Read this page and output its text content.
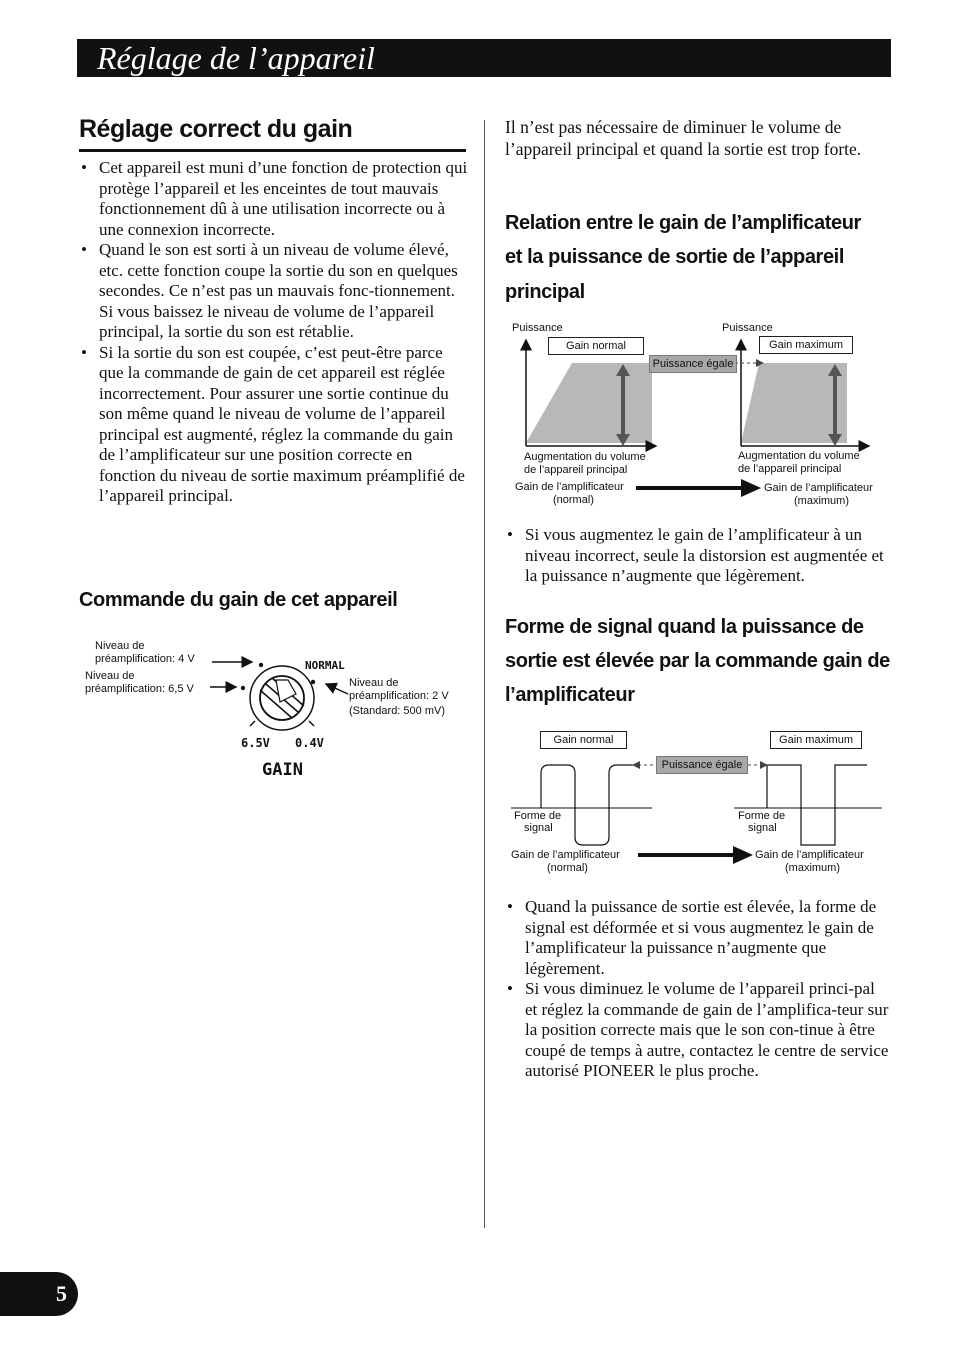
Réglage de l’appareil
Réglage correct du gain
• Cet appareil est muni d’une fonction de protection qui protège l’appareil et les enceintes de tout mauvais fonctionnement dû à une utilisation incorrecte ou à une connexion incorrecte.
• Quand le son est sorti à un niveau de volume élevé, etc. cette fonction coupe la sortie du son en quelques secondes. Ce n’est pas un mauvais fonc-tionnement. Si vous baissez le niveau de volume de l’appareil principal, la sortie du son est rétablie.
• Si la sortie du son est coupée, c’est peut-être parce que la commande de gain de cet appareil est réglée incorrectement. Pour assurer une sortie continue du son même quand le niveau de volume de l’appareil principal est augmenté, réglez la commande du gain de l’amplificateur sur une position correcte en fonction du niveau de sortie maximum préamplifié de l’appareil principal.
Commande du gain de cet appareil
Niveau de
préamplification: 4 V
Niveau de
préamplification: 6,5 V	Niveau de
préamplification: 2 V
(Standard: 500 mV)
NORMAL
6.5V 0.4V
GAIN
Il n’est pas nécessaire de diminuer le volume de l’appareil principal et quand la sortie est trop forte.
Relation entre le gain de l’amplificateur
et la puissance de sortie de l’appareil
principal
Puissance	Puissance
Gain normal	Gain maximum
Puissance égale
Augmentation du volume
de l’appareil principal
Augmentation du volume
de l’appareil principal
Gain de l’amplificateur
(normal)
Gain de l’amplificateur
(maximum)
• Si vous augmentez le gain de l’amplificateur à un niveau incorrect, seule la distorsion est augmentée et la puissance n’augmente que légèrement.
Forme de signal quand la puissance de
sortie est élevée par la commande gain de
l’amplificateur
Gain normal	Gain maximum
Puissance égale
Forme de
signal
Forme de
signal
Gain de l’amplificateur
(normal)
Gain de l’amplificateur
(maximum)
• Quand la puissance de sortie est élevée, la forme de signal est déformée et si vous augmentez le gain de l’amplificateur la puissance n’augmente que légèrement.
• Si vous diminuez le volume de l’appareil princi-pal et réglez la commande de gain de l’amplifica-teur sur la position correcte mais que le son con-tinue à être coupé de temps à autre, contactez le centre de service autorisé PIONEER le plus proche.
5
